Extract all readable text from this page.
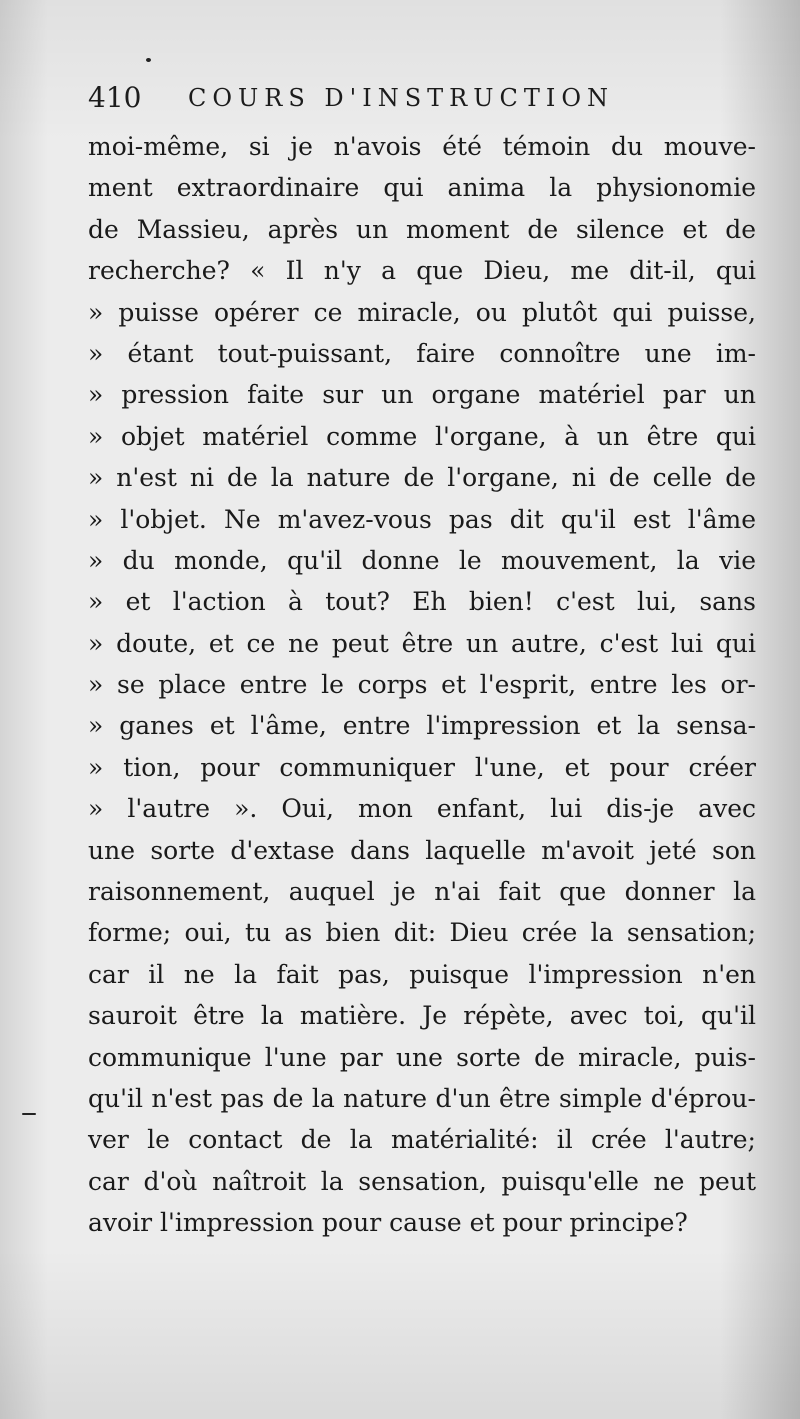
410 COURS D'INSTRUCTION
moi-même, si je n'avois été témoin du mouve-
ment extraordinaire qui anima la physionomie
de Massieu, après un moment de silence et de
recherche? « Il n'y a que Dieu, me dit-il, qui
» puisse opérer ce miracle, ou plutôt qui puisse,
» étant tout-puissant, faire connoître une im-
» pression faite sur un organe matériel par un
» objet matériel comme l'organe, à un être qui
» n'est ni de la nature de l'organe, ni de celle de
» l'objet. Ne m'avez-vous pas dit qu'il est l'âme
» du monde, qu'il donne le mouvement, la vie
» et l'action à tout? Eh bien! c'est lui, sans
» doute, et ce ne peut être un autre, c'est lui qui
» se place entre le corps et l'esprit, entre les or-
» ganes et l'âme, entre l'impression et la sensa-
» tion, pour communiquer l'une, et pour créer
» l'autre ». Oui, mon enfant, lui dis-je avec
une sorte d'extase dans laquelle m'avoit jeté son
raisonnement, auquel je n'ai fait que donner la
forme; oui, tu as bien dit: Dieu crée la sensation;
car il ne la fait pas, puisque l'impression n'en
sauroit être la matière. Je répète, avec toi, qu'il
communique l'une par une sorte de miracle, puis-
qu'il n'est pas de la nature d'un être simple d'éprou-
ver le contact de la matérialité: il crée l'autre;
car d'où naîtroit la sensation, puisqu'elle ne peut
avoir l'impression pour cause et pour principe?
